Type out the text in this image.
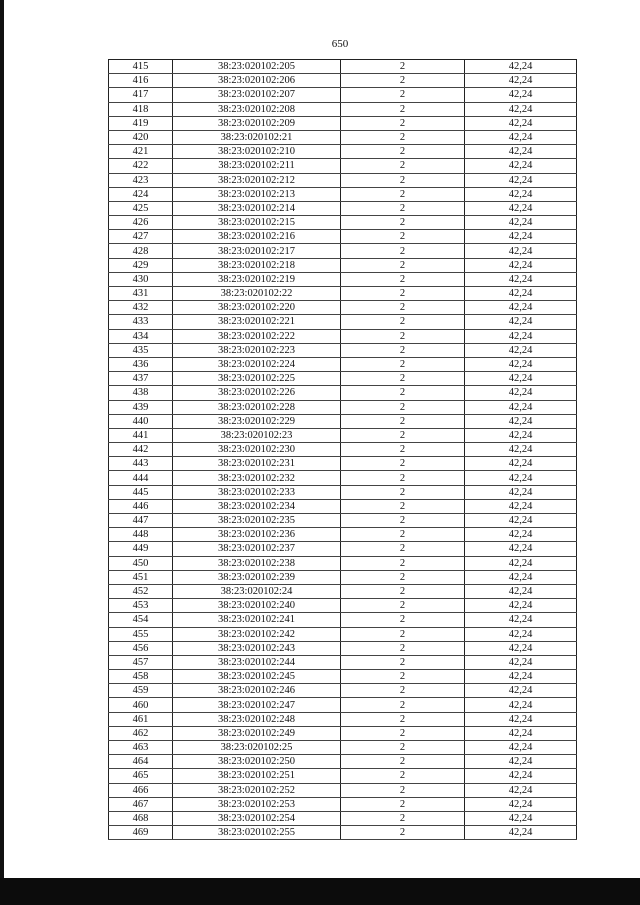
650
415	38:23:020102:205	2	42,24
416	38:23:020102:206	2	42,24
417	38:23:020102:207	2	42,24
418	38:23:020102:208	2	42,24
419	38:23:020102:209	2	42,24
420	38:23:020102:21	2	42,24
421	38:23:020102:210	2	42,24
422	38:23:020102:211	2	42,24
423	38:23:020102:212	2	42,24
424	38:23:020102:213	2	42,24
425	38:23:020102:214	2	42,24
426	38:23:020102:215	2	42,24
427	38:23:020102:216	2	42,24
428	38:23:020102:217	2	42,24
429	38:23:020102:218	2	42,24
430	38:23:020102:219	2	42,24
431	38:23:020102:22	2	42,24
432	38:23:020102:220	2	42,24
433	38:23:020102:221	2	42,24
434	38:23:020102:222	2	42,24
435	38:23:020102:223	2	42,24
436	38:23:020102:224	2	42,24
437	38:23:020102:225	2	42,24
438	38:23:020102:226	2	42,24
439	38:23:020102:228	2	42,24
440	38:23:020102:229	2	42,24
441	38:23:020102:23	2	42,24
442	38:23:020102:230	2	42,24
443	38:23:020102:231	2	42,24
444	38:23:020102:232	2	42,24
445	38:23:020102:233	2	42,24
446	38:23:020102:234	2	42,24
447	38:23:020102:235	2	42,24
448	38:23:020102:236	2	42,24
449	38:23:020102:237	2	42,24
450	38:23:020102:238	2	42,24
451	38:23:020102:239	2	42,24
452	38:23:020102:24	2	42,24
453	38:23:020102:240	2	42,24
454	38:23:020102:241	2	42,24
455	38:23:020102:242	2	42,24
456	38:23:020102:243	2	42,24
457	38:23:020102:244	2	42,24
458	38:23:020102:245	2	42,24
459	38:23:020102:246	2	42,24
460	38:23:020102:247	2	42,24
461	38:23:020102:248	2	42,24
462	38:23:020102:249	2	42,24
463	38:23:020102:25	2	42,24
464	38:23:020102:250	2	42,24
465	38:23:020102:251	2	42,24
466	38:23:020102:252	2	42,24
467	38:23:020102:253	2	42,24
468	38:23:020102:254	2	42,24
469	38:23:020102:255	2	42,24
